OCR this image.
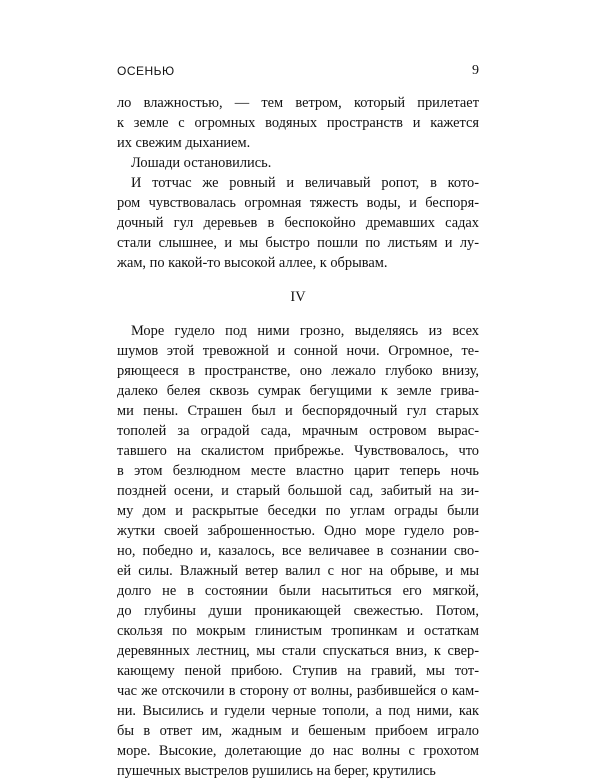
ОСЕНЬЮ	9
ло влажностью, — тем ветром, который прилетает
к земле с огромных водяных пространств и кажется
их свежим дыханием.
Лошади остановились.
И тотчас же ровный и величавый ропот, в кото-
ром чувствовалась огромная тяжесть воды, и беспоря-
дочный гул деревьев в беспокойно дремавших садах
стали слышнее, и мы быстро пошли по листьям и лу-
жам, по какой-то высокой аллее, к обрывам.
IV
Море гудело под ними грозно, выделяясь из всех
шумов этой тревожной и сонной ночи. Огромное, те-
ряющееся в пространстве, оно лежало глубоко внизу,
далеко белея сквозь сумрак бегущими к земле грива-
ми пены. Страшен был и беспорядочный гул старых
тополей за оградой сада, мрачным островом вырас-
тавшего на скалистом прибрежье. Чувствовалось, что
в этом безлюдном месте властно царит теперь ночь
поздней осени, и старый большой сад, забитый на зи-
му дом и раскрытые беседки по углам ограды были
жутки своей заброшенностью. Одно море гудело ров-
но, победно и, казалось, все величавее в сознании сво-
ей силы. Влажный ветер валил с ног на обрыве, и мы
долго не в состоянии были насытиться его мягкой,
до глубины души проникающей свежестью. Потом,
скользя по мокрым глинистым тропинкам и остаткам
деревянных лестниц, мы стали спускаться вниз, к свер-
кающему пеной прибою. Ступив на гравий, мы тот-
час же отскочили в сторону от волны, разбившейся о кам-
ни. Высились и гудели черные тополи, а под ними, как
бы в ответ им, жадным и бешеным прибоем играло
море. Высокие, долетающие до нас волны с грохотом
пушечных выстрелов рушились на берег, крутились
